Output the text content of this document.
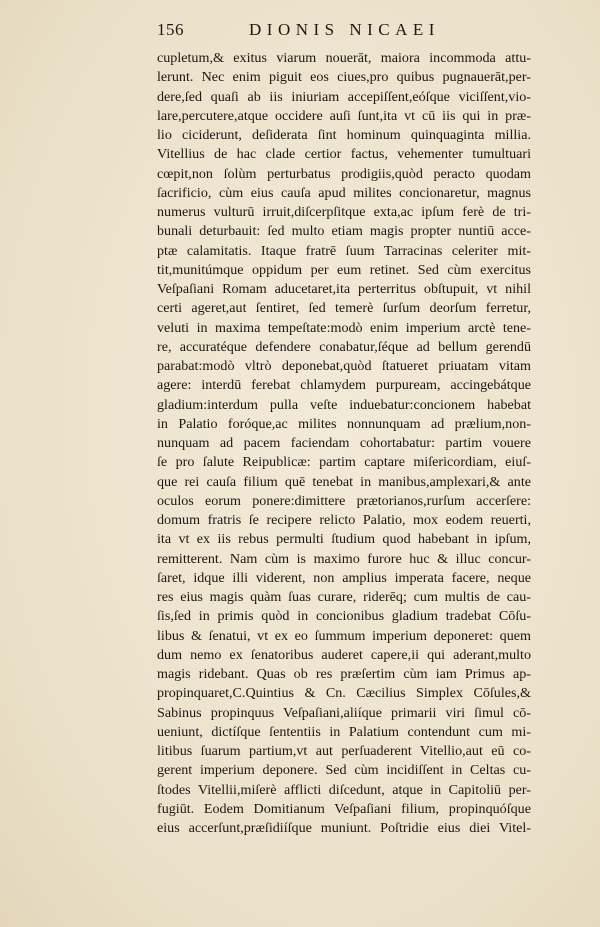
156	DIONIS NICAEI
cupletum,& exitus viarum nouerāt, maiora incommoda attu-
lerunt. Nec enim piguit eos ciues,pro quibus pugnauerāt,per-
dere,ſed quaſi ab iis iniuriam accepiſſent,eóſque viciſſent,vio-
lare,percutere,atque occidere auſi ſunt,ita vt cū iis qui in præ-
lio ciciderunt, deſiderata ſint hominum quinquaginta millia.
Vitellius de hac clade certior factus, vehementer tumultuari
cœpit,non ſolùm perturbatus prodigiis,quòd peracto quodam
ſacrificio, cùm eius cauſa apud milites concionaretur, magnus
numerus vulturū irruit,diſcerpſitque exta,ac ipſum ferè de tri-
bunali deturbauit: ſed multo etiam magis propter nuntiū acce-
ptæ calamitatis. Itaque fratrē ſuum Tarracinas celeriter mit-
tit,munitúmque oppidum per eum retinet. Sed cùm exercitus
Veſpaſiani Romam aducetaret,ita perterritus obſtupuit, vt nihil
certi ageret,aut ſentiret, ſed temerè ſurſum deorſum ferretur,
veluti in maxima tempeſtate:modò enim imperium arctè tene-
re, accuratéque defendere conabatur,ſéque ad bellum gerendū
parabat:modò vltrò deponebat,quòd ſtatueret priuatam vitam
agere: interdū ferebat chlamydem purpuream, accingebátque
gladium:interdum pulla veſte induebatur:concionem habebat
in Palatio foróque,ac milites nonnunquam ad prælium,non-
nunquam ad pacem faciendam cohortabatur: partim vouere
ſe pro ſalute Reipublicæ: partim captare miſericordiam, eiuſ-
que rei cauſa filium quē tenebat in manibus,amplexari,& ante
oculos eorum ponere:dimittere prætorianos,rurſum accerſere:
domum fratris ſe recipere relicto Palatio, mox eodem reuerti,
ita vt ex iis rebus permulti ſtudium quod habebant in ipſum,
remitterent. Nam cùm is maximo furore huc & illuc concur-
ſaret, idque illi viderent, non amplius imperata facere, neque
res eius magis quàm ſuas curare, riderēq; cum multis de cau-
ſis,ſed in primis quòd in concionibus gladium tradebat Cōſu-
libus & ſenatui, vt ex eo ſummum imperium deponeret: quem
dum nemo ex ſenatoribus auderet capere,ii qui aderant,multo
magis ridebant. Quas ob res præſertim cùm iam Primus ap-
propinquaret,C.Quintius & Cn. Cæcilius Simplex Cōſules,&
Sabinus propinquus Veſpaſiani,aliíque primarii viri ſimul cō-
ueniunt, dictíſque ſententiis in Palatium contendunt cum mi-
litibus ſuarum partium,vt aut perſuaderent Vitellio,aut eū co-
gerent imperium deponere. Sed cùm incidiſſent in Celtas cu-
ſtodes Vitellii,miſerè afflicti diſcedunt, atque in Capitoliū per-
fugiūt. Eodem Domitianum Veſpaſiani filium, propinquóſque
eius accerſunt,præſidiíſque muniunt. Poſtridie eius diei Vitel-
